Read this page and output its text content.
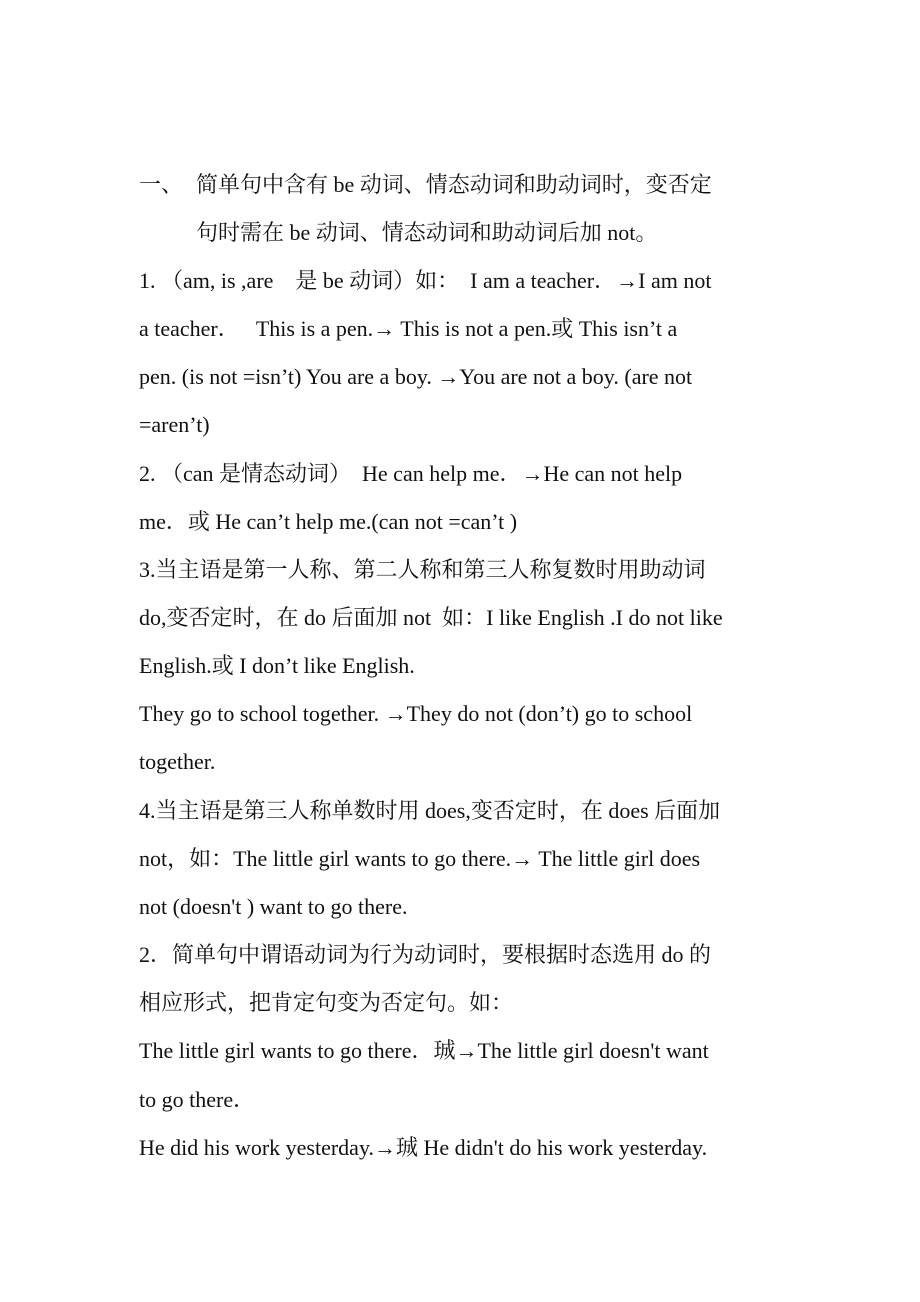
一、 简单句中含有 be 动词、情态动词和助动词时，变否定
句时需在 be 动词、情态动词和助动词后加 not。
1. （am, is ,are    是 be 动词）如：  I am a teacher．→I am not
a teacher．   This is a pen.→ This is not a pen.或 This isn’t a
pen. (is not =isn’t) You are a boy. →You are not a boy. (are not
=aren’t)
2. （can 是情态动词）  He can help me．→He can not help
me．或 He can’t help me.(can not =can’t )
3.当主语是第一人称、第二人称和第三人称复数时用助动词
do,变否定时，在 do 后面加 not  如：I like English .I do not like
English.或 I don’t like English.
They go to school together. →They do not (don’t) go to school
together.
4.当主语是第三人称单数时用 does,变否定时，在 does 后面加
not，如：The little girl wants to go there.→ The little girl does
not (doesn't ) want to go there.
2．简单句中谓语动词为行为动词时，要根据时态选用 do 的
相应形式，把肯定句变为否定句。如：
The little girl wants to go there．珹→The little girl doesn't want
to go there．
He did his work yesterday.→珹 He didn't do his work yesterday.
